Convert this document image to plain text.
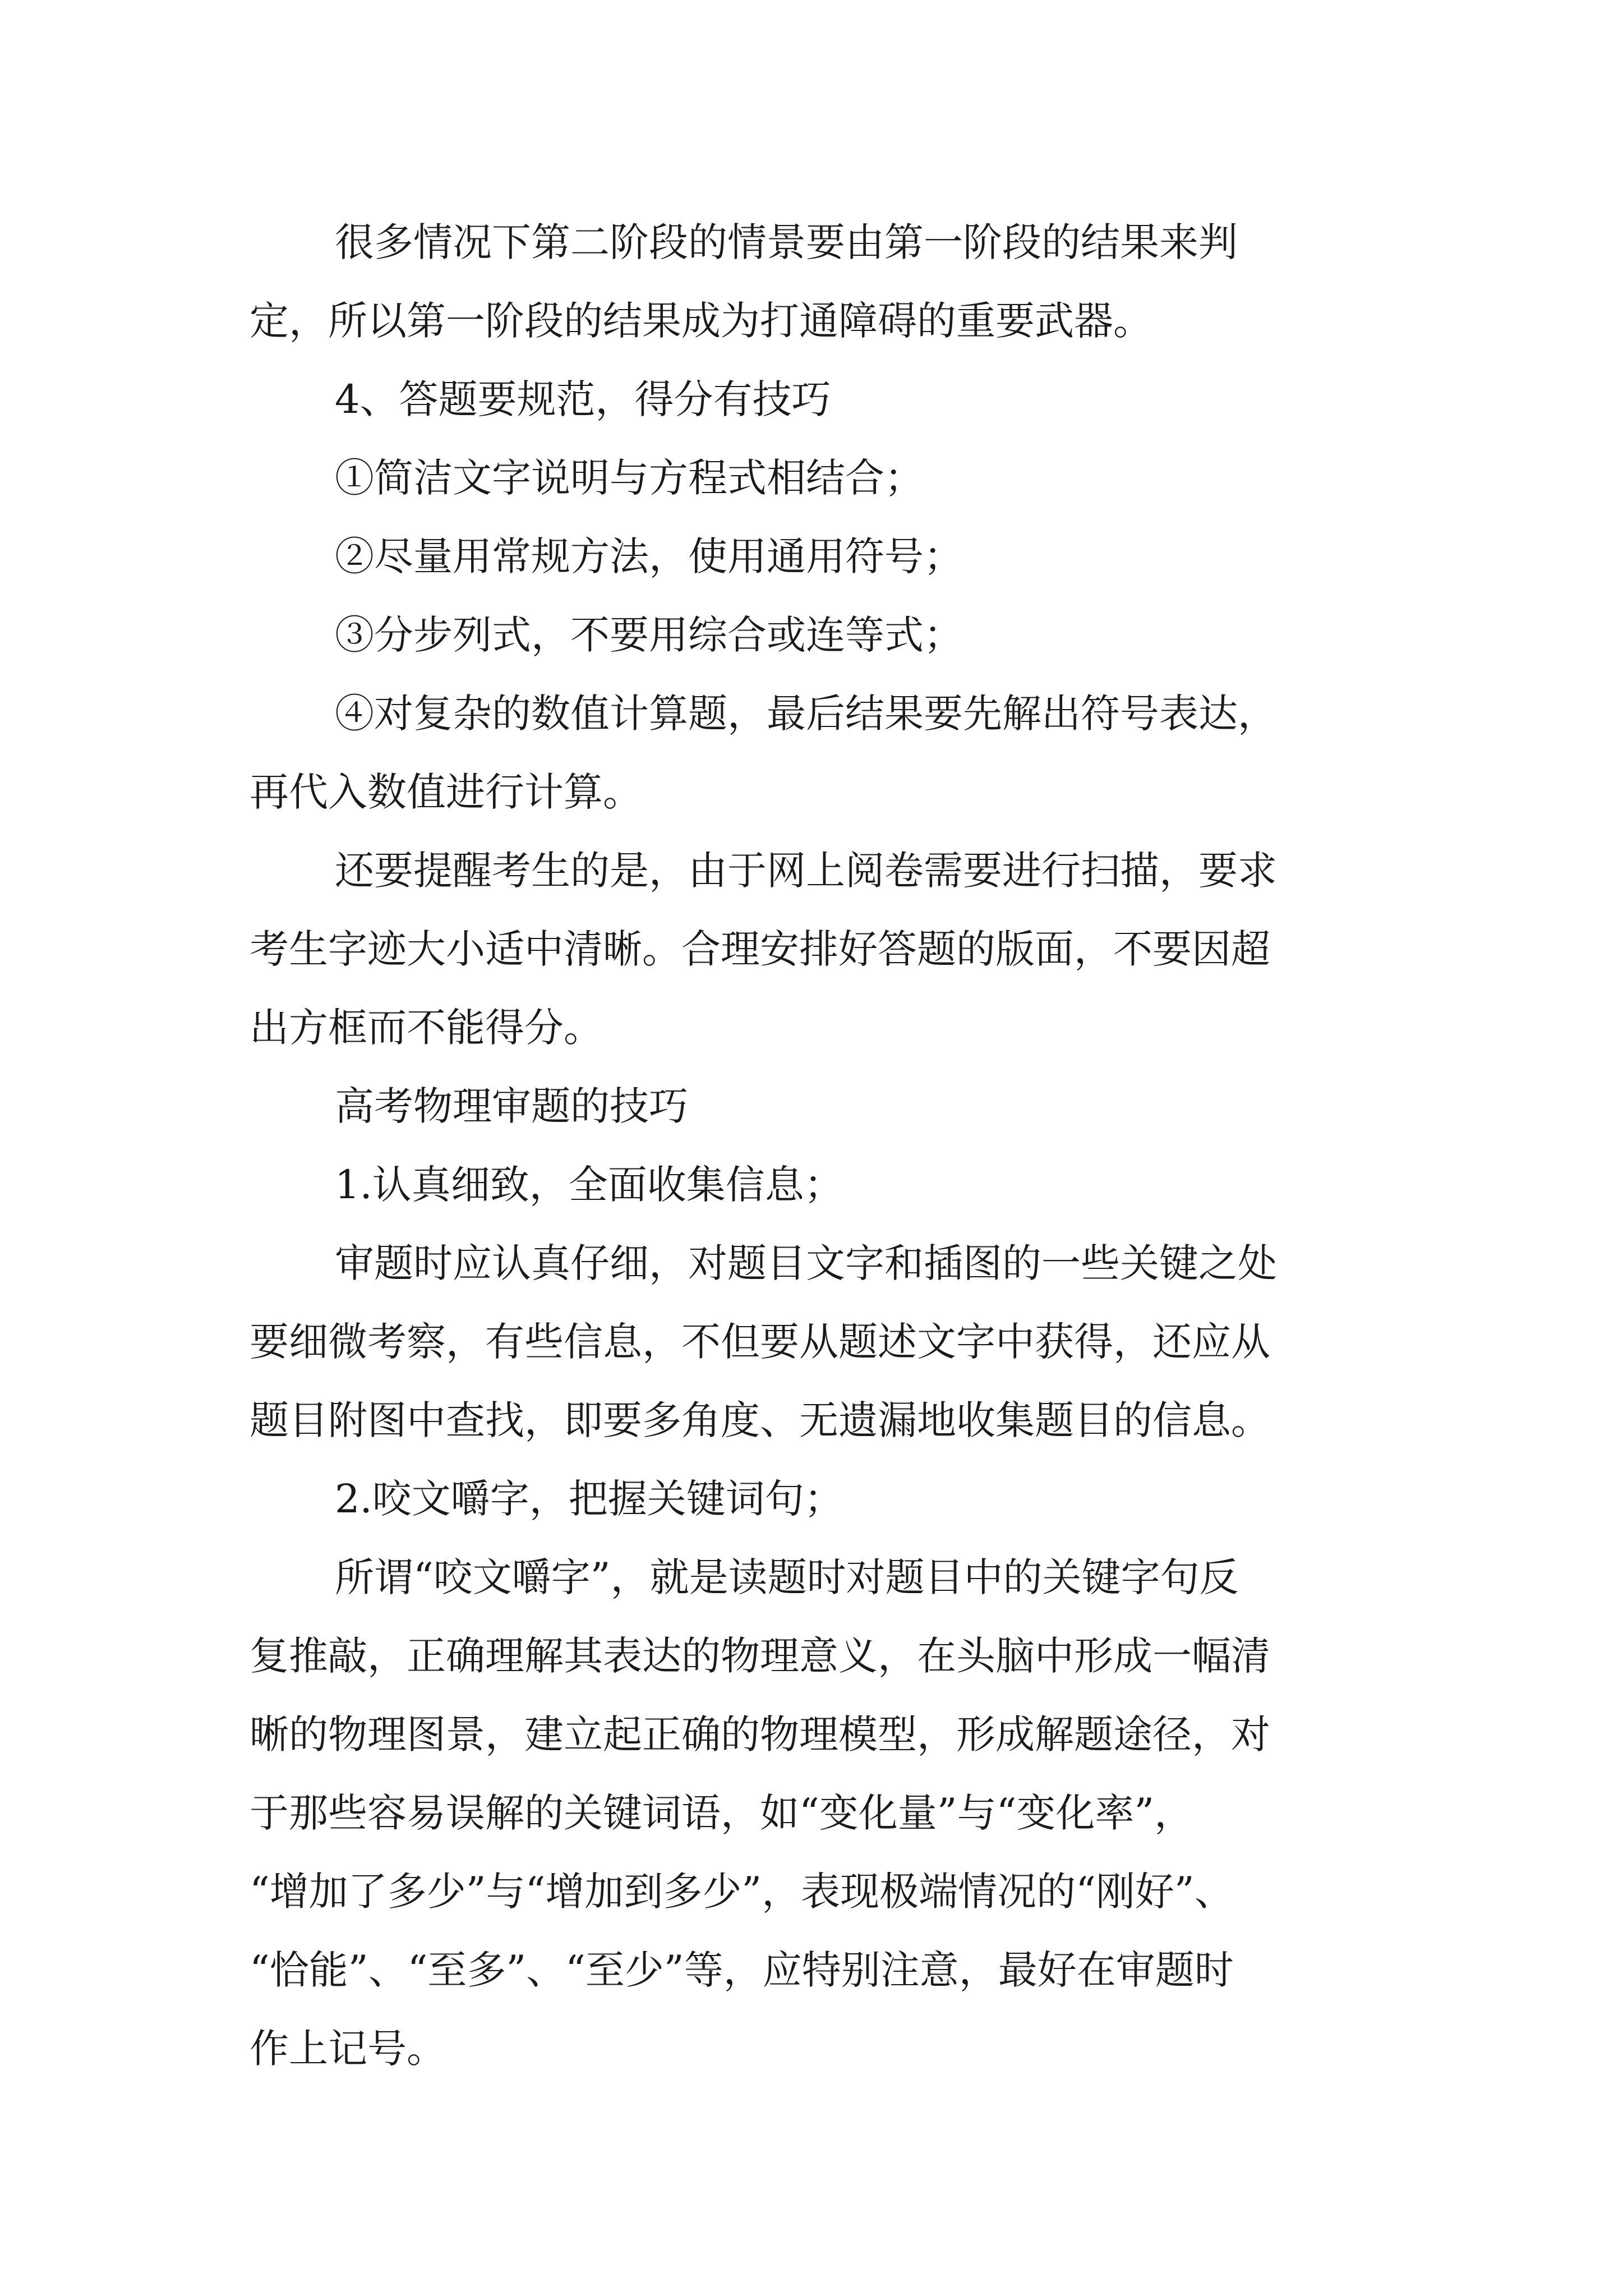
很多情况下第二阶段的情景要由第一阶段的结果来判

定，所以第一阶段的结果成为打通障碍的重要武器。

4、答题要规范，得分有技巧

①简洁文字说明与方程式相结合；

②尽量用常规方法，使用通用符号；

③分步列式，不要用综合或连等式；

④对复杂的数值计算题，最后结果要先解出符号表达，

再代入数值进行计算。

还要提醒考生的是，由于网上阅卷需要进行扫描，要求

考生字迹大小适中清晰。合理安排好答题的版面，不要因超

出方框而不能得分。

高考物理审题的技巧

1.认真细致，全面收集信息；

审题时应认真仔细，对题目文字和插图的一些关键之处

要细微考察，有些信息，不但要从题述文字中获得，还应从

题目附图中查找，即要多角度、无遗漏地收集题目的信息。

2.咬文嚼字，把握关键词句；

所谓“咬文嚼字”，就是读题时对题目中的关键字句反

复推敲，正确理解其表达的物理意义，在头脑中形成一幅清

晰的物理图景，建立起正确的物理模型，形成解题途径，对

于那些容易误解的关键词语，如“变化量”与“变化率”，

“增加了多少”与“增加到多少”，表现极端情况的“刚好”、

“恰能”、“至多”、“至少”等，应特别注意，最好在审题时

作上记号。
